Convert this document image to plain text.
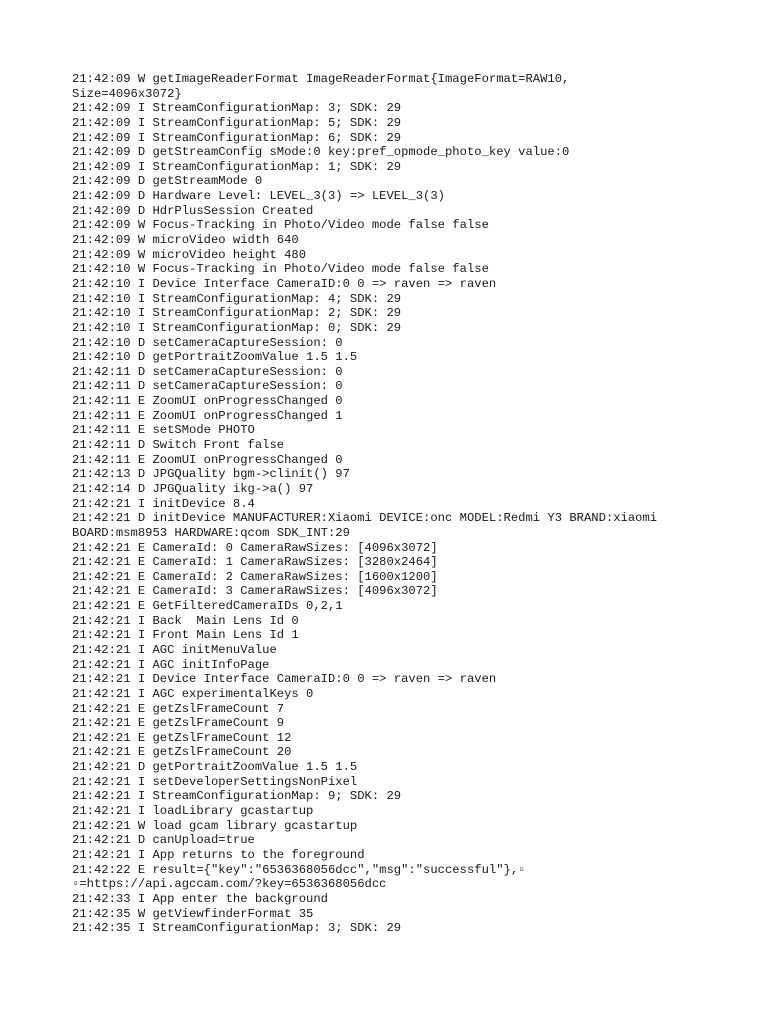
21:42:09 W getImageReaderFormat ImageReaderFormat{ImageFormat=RAW10,
Size=4096x3072}
21:42:09 I StreamConfigurationMap: 3; SDK: 29
21:42:09 I StreamConfigurationMap: 5; SDK: 29
21:42:09 I StreamConfigurationMap: 6; SDK: 29
21:42:09 D getStreamConfig sMode:0 key:pref_opmode_photo_key value:0
21:42:09 I StreamConfigurationMap: 1; SDK: 29
21:42:09 D getStreamMode 0
21:42:09 D Hardware Level: LEVEL_3(3) => LEVEL_3(3)
21:42:09 D HdrPlusSession Created
21:42:09 W Focus-Tracking in Photo/Video mode false false
21:42:09 W microVideo width 640
21:42:09 W microVideo height 480
21:42:10 W Focus-Tracking in Photo/Video mode false false
21:42:10 I Device Interface CameraID:0 0 => raven => raven
21:42:10 I StreamConfigurationMap: 4; SDK: 29
21:42:10 I StreamConfigurationMap: 2; SDK: 29
21:42:10 I StreamConfigurationMap: 0; SDK: 29
21:42:10 D setCameraCaptureSession: 0
21:42:10 D getPortraitZoomValue 1.5 1.5
21:42:11 D setCameraCaptureSession: 0
21:42:11 D setCameraCaptureSession: 0
21:42:11 E ZoomUI onProgressChanged 0
21:42:11 E ZoomUI onProgressChanged 1
21:42:11 E setSMode PHOTO
21:42:11 D Switch Front false
21:42:11 E ZoomUI onProgressChanged 0
21:42:13 D JPGQuality bgm->clinit() 97
21:42:14 D JPGQuality ikg->a() 97
21:42:21 I initDevice 8.4
21:42:21 D initDevice MANUFACTURER:Xiaomi DEVICE:onc MODEL:Redmi Y3 BRAND:xiaomi
BOARD:msm8953 HARDWARE:qcom SDK_INT:29
21:42:21 E CameraId: 0 CameraRawSizes: [4096x3072]
21:42:21 E CameraId: 1 CameraRawSizes: [3280x2464]
21:42:21 E CameraId: 2 CameraRawSizes: [1600x1200]
21:42:21 E CameraId: 3 CameraRawSizes: [4096x3072]
21:42:21 E GetFilteredCameraIDs 0,2,1
21:42:21 I Back  Main Lens Id 0
21:42:21 I Front Main Lens Id 1
21:42:21 I AGC initMenuValue
21:42:21 I AGC initInfoPage
21:42:21 I Device Interface CameraID:0 0 => raven => raven
21:42:21 I AGC experimentalKeys 0
21:42:21 E getZslFrameCount 7
21:42:21 E getZslFrameCount 9
21:42:21 E getZslFrameCount 12
21:42:21 E getZslFrameCount 20
21:42:21 D getPortraitZoomValue 1.5 1.5
21:42:21 I setDeveloperSettingsNonPixel
21:42:21 I StreamConfigurationMap: 9; SDK: 29
21:42:21 I loadLibrary gcastartup
21:42:21 W load gcam library gcastartup
21:42:21 D canUpload=true
21:42:21 I App returns to the foreground
21:42:22 E result={"key":"6536368056dcc","msg":"successful"},▫
▫=https://api.agccam.com/?key=6536368056dcc
21:42:33 I App enter the background
21:42:35 W getViewfinderFormat 35
21:42:35 I StreamConfigurationMap: 3; SDK: 29
